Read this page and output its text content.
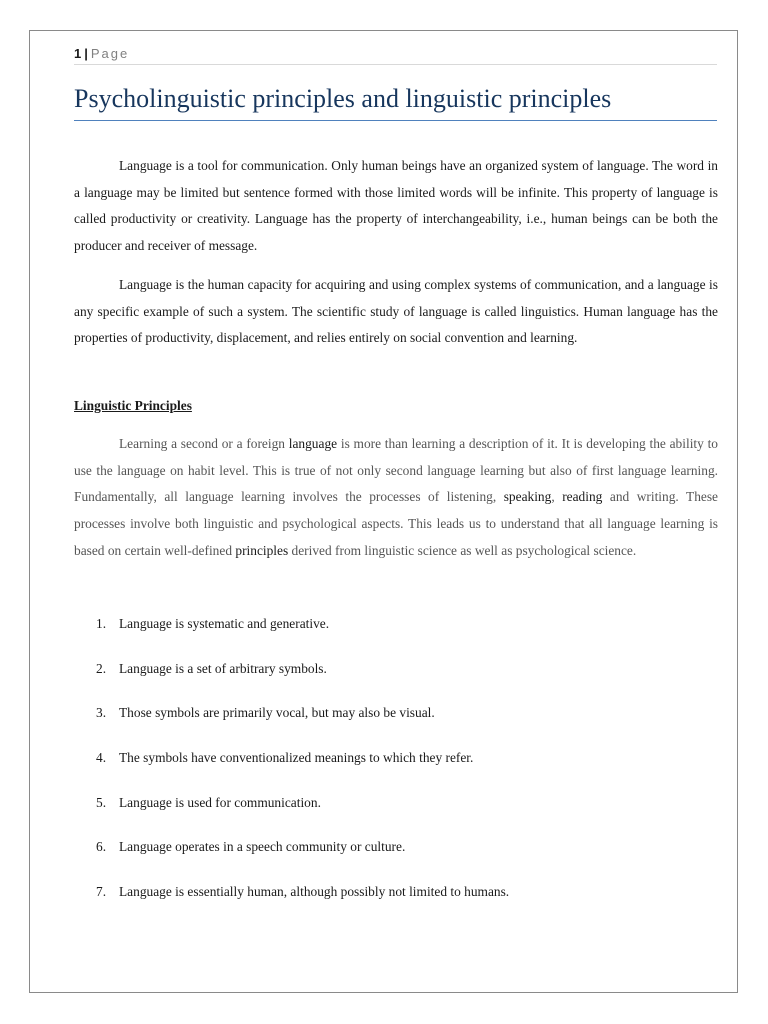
1 | Page
Psycholinguistic principles and linguistic principles

Language is a tool for communication. Only human beings have an organized system of language. The word in a language may be limited but sentence formed with those limited words will be infinite. This property of language is called productivity or creativity. Language has the property of interchangeability, i.e., human beings can be both the producer and receiver of message.

Language is the human capacity for acquiring and using complex systems of communication, and a language is any specific example of such a system. The scientific study of language is called linguistics. Human language has the properties of productivity, displacement, and relies entirely on social convention and learning.

Linguistic Principles

Learning a second or a foreign language is more than learning a description of it. It is developing the ability to use the language on habit level. This is true of not only second language learning but also of first language learning. Fundamentally, all language learning involves the processes of listening, speaking, reading and writing. These processes involve both linguistic and psychological aspects. This leads us to understand that all language learning is based on certain well-defined principles derived from linguistic science as well as psychological science.

1. Language is systematic and generative.
2. Language is a set of arbitrary symbols.
3. Those symbols are primarily vocal, but may also be visual.
4. The symbols have conventionalized meanings to which they refer.
5. Language is used for communication.
6. Language operates in a speech community or culture.
7. Language is essentially human, although possibly not limited to humans.
